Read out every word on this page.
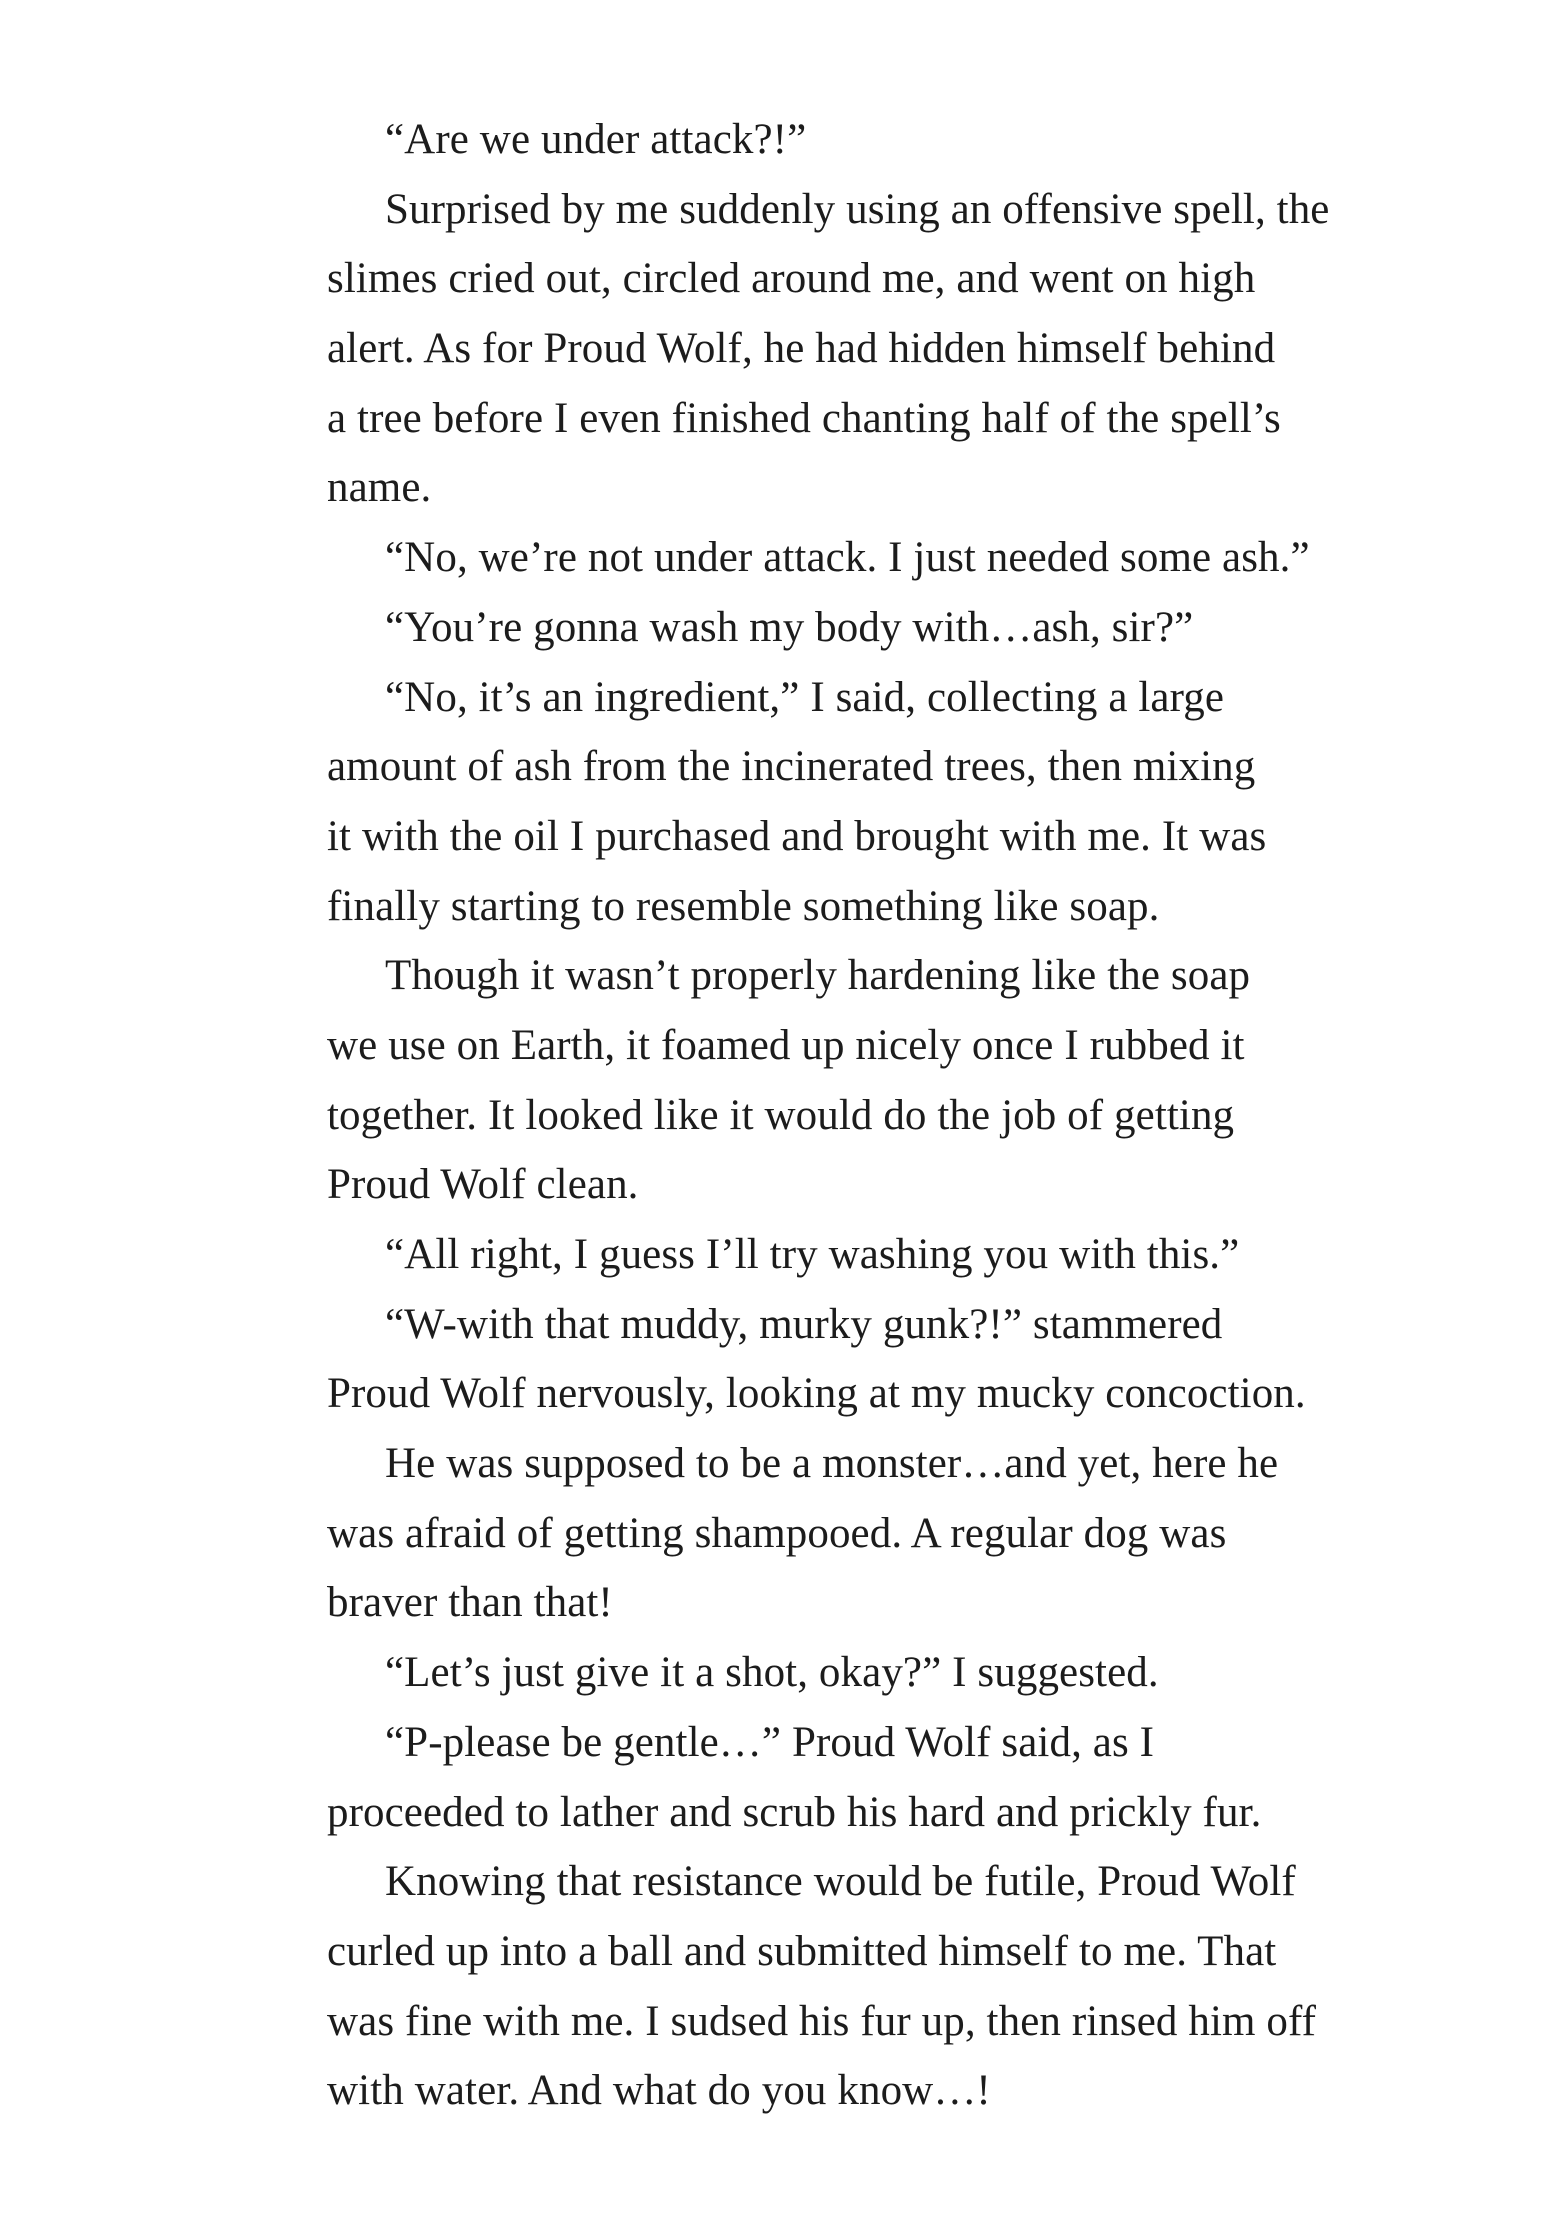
“Are we under attack?!”
Surprised by me suddenly using an offensive spell, the
slimes cried out, circled around me, and went on high
alert. As for Proud Wolf, he had hidden himself behind
a tree before I even finished chanting half of the spell’s
name.
“No, we’re not under attack. I just needed some ash.”
“You’re gonna wash my body with…ash, sir?”
“No, it’s an ingredient,” I said, collecting a large
amount of ash from the incinerated trees, then mixing
it with the oil I purchased and brought with me. It was
finally starting to resemble something like soap.
Though it wasn’t properly hardening like the soap
we use on Earth, it foamed up nicely once I rubbed it
together. It looked like it would do the job of getting
Proud Wolf clean.
“All right, I guess I’ll try washing you with this.”
“W-with that muddy, murky gunk?!” stammered
Proud Wolf nervously, looking at my mucky concoction.
He was supposed to be a monster…and yet, here he
was afraid of getting shampooed. A regular dog was
braver than that!
“Let’s just give it a shot, okay?” I suggested.
“P-please be gentle…” Proud Wolf said, as I
proceeded to lather and scrub his hard and prickly fur.
Knowing that resistance would be futile, Proud Wolf
curled up into a ball and submitted himself to me. That
was fine with me. I sudsed his fur up, then rinsed him off
with water. And what do you know…!
